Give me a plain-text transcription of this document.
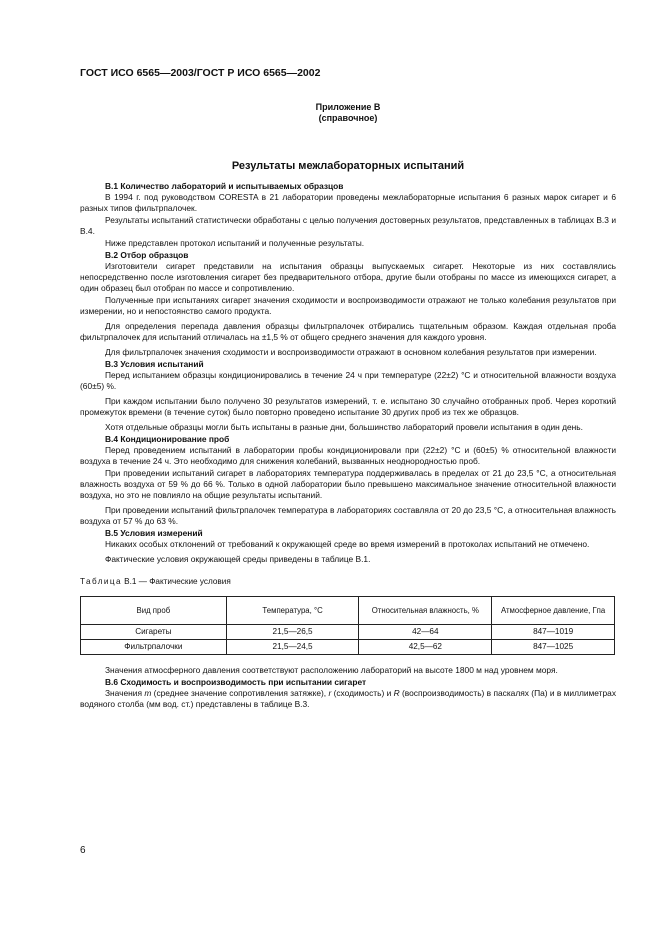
ГОСТ ИСО 6565—2003/ГОСТ Р ИСО 6565—2002
Приложение В
(справочное)
Результаты межлабораторных испытаний
В.1 Количество лабораторий и испытываемых образцов

В 1994 г. под руководством CORESTA в 21 лаборатории проведены межлабораторные испытания 6 разных марок сигарет и 6 разных типов фильтрпалочек.

Результаты испытаний статистически обработаны с целью получения достоверных результатов, представленных в таблицах В.3 и В.4.

Ниже представлен протокол испытаний и полученные результаты.

В.2 Отбор образцов

Изготовители сигарет представили на испытания образцы выпускаемых сигарет. Некоторые из них составлялись непосредственно после изготовления сигарет без предварительного отбора, другие были отобраны по массе из имеющихся сигарет, а один образец был отобран по массе и сопротивлению.

Полученные при испытаниях сигарет значения сходимости и воспроизводимости отражают не только колебания результатов при измерении, но и непостоянство самого продукта.

Для определения перепада давления образцы фильтрпалочек отбирались тщательным образом. Каждая отдельная проба фильтрпалочек для испытаний отличалась на ±1,5 % от общего среднего значения для каждого уровня.

Для фильтрпалочек значения сходимости и воспроизводимости отражают в основном колебания результатов при измерении.

В.3 Условия испытаний

Перед испытанием образцы кондиционировались в течение 24 ч при температуре (22±2) °С и относительной влажности воздуха (60±5) %.

При каждом испытании было получено 30 результатов измерений, т. е. испытано 30 случайно отобранных проб. Через короткий промежуток времени (в течение суток) было повторно проведено испытание 30 других проб из тех же образцов.

Хотя отдельные образцы могли быть испытаны в разные дни, большинство лабораторий провели испытания в один день.

В.4 Кондиционирование проб

Перед проведением испытаний в лаборатории пробы кондиционировали при (22±2) °С и (60±5) % относительной влажности воздуха в течение 24 ч. Это необходимо для снижения колебаний, вызванных неоднородностью проб.

При проведении испытаний сигарет в лабораториях температура поддерживалась в пределах от 21 до 23,5 °С, а относительная влажность воздуха от 59 % до 66 %. Только в одной лаборатории было превышено максимальное значение относительной влажности воздуха, но это не повлияло на общие результаты испытаний.

При проведении испытаний фильтрпалочек температура в лабораториях составляла от 20 до 23,5 °С, а относительная влажность воздуха от 57 % до 63 %.

В.5 Условия измерений

Никаких особых отклонений от требований к окружающей среде во время измерений в протоколах испытаний не отмечено.

Фактические условия окружающей среды приведены в таблице В.1.

Таблица В.1 — Фактические условия
Вид проб	Температура, °С	Относительная влажность, %	Атмосферное давление, Гпа
Сигареты	21,5—26,5	42—64	847—1019
Фильтрпалочки	21,5—24,5	42,5—62	847—1025

Значения атмосферного давления соответствуют расположению лабораторий на высоте 1800 м над уровнем моря.

В.6 Сходимость и воспроизводимость при испытании сигарет

Значения m (среднее значение сопротивления затяжке), r (сходимость) и R (воспроизводимость) в паскалях (Па) и в миллиметрах водяного столба (мм вод. ст.) представлены в таблице В.3.

6
